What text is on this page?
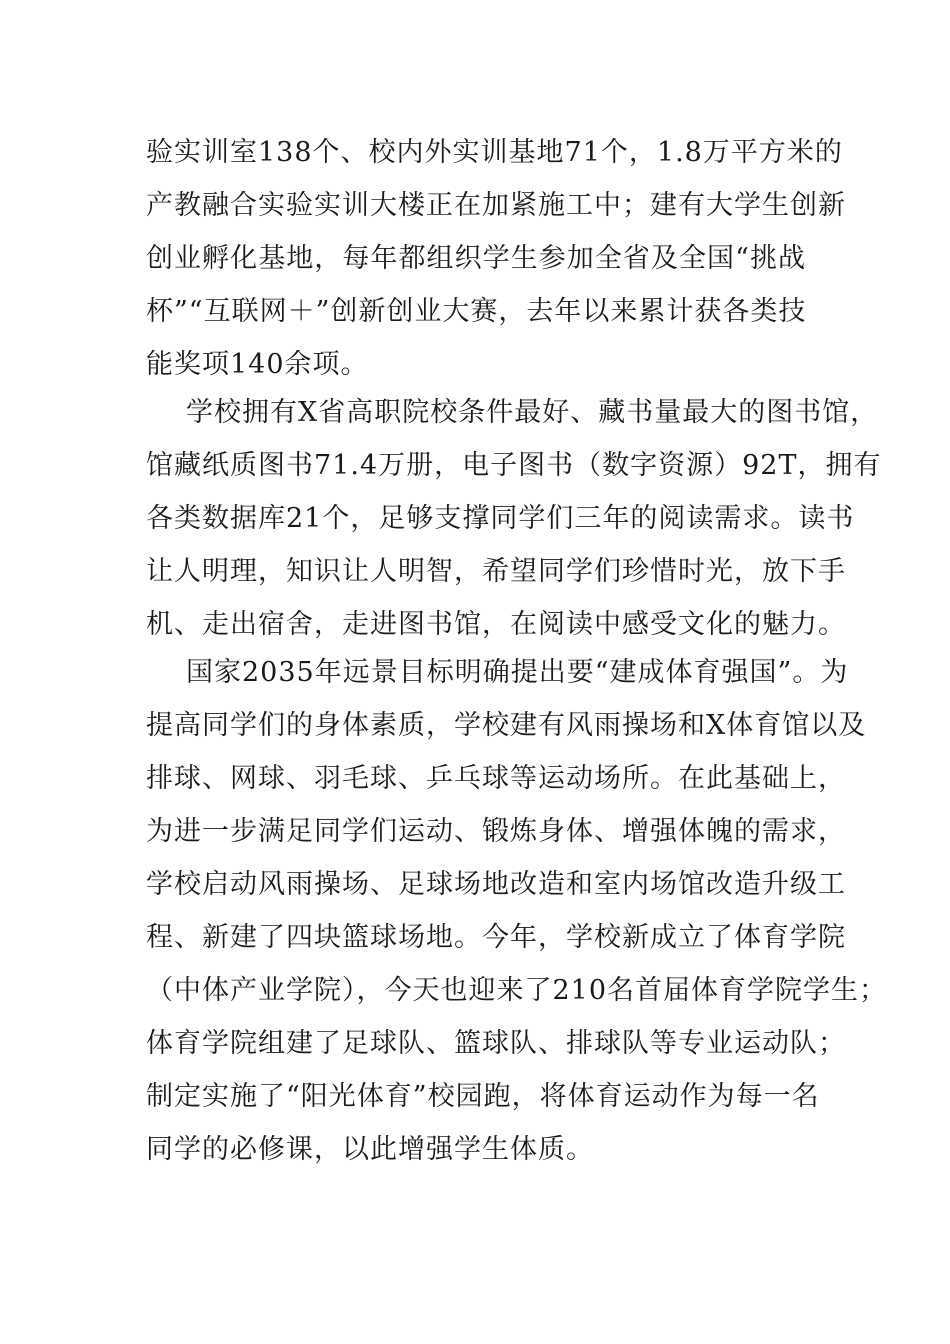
验实训室138个、校内外实训基地71个，1.8万平方米的
产教融合实验实训大楼正在加紧施工中；建有大学生创新
创业孵化基地，每年都组织学生参加全省及全国“挑战
杯”“互联网＋”创新创业大赛，去年以来累计获各类技
能奖项140余项。
学校拥有X省高职院校条件最好、藏书量最大的图书馆，
馆藏纸质图书71.4万册，电子图书（数字资源）92T，拥有
各类数据库21个，足够支撑同学们三年的阅读需求。读书
让人明理，知识让人明智，希望同学们珍惜时光，放下手
机、走出宿舍，走进图书馆，在阅读中感受文化的魅力。
国家2035年远景目标明确提出要“建成体育强国”。为
提高同学们的身体素质，学校建有风雨操场和X体育馆以及
排球、网球、羽毛球、乒乓球等运动场所。在此基础上，
为进一步满足同学们运动、锻炼身体、增强体魄的需求，
学校启动风雨操场、足球场地改造和室内场馆改造升级工
程、新建了四块篮球场地。今年，学校新成立了体育学院
（中体产业学院），今天也迎来了210名首届体育学院学生；
体育学院组建了足球队、篮球队、排球队等专业运动队；
制定实施了“阳光体育”校园跑，将体育运动作为每一名
同学的必修课，以此增强学生体质。
